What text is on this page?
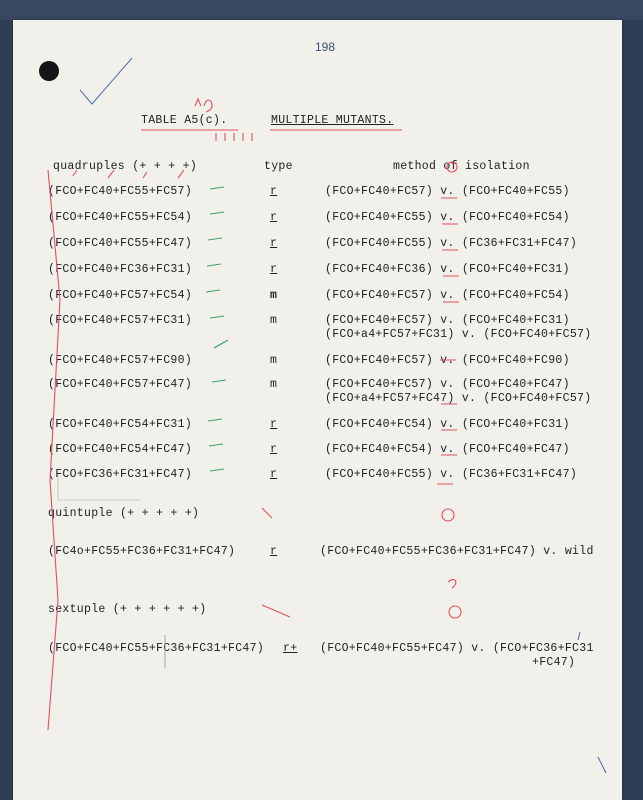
198
TABLE A5(c).	MULTIPLE MUTANTS.
quadruples (+ + + +)	type	method of isolation
(FCO+FC40+FC55+FC57)	r	(FCO+FC40+FC57) v. (FCO+FC40+FC55)
(FCO+FC40+FC55+FC54)	r	(FCO+FC40+FC55) v. (FCO+FC40+FC54)
(FCO+FC40+FC55+FC47)	r	(FCO+FC40+FC55) v. (FC36+FC31+FC47)
(FCO+FC40+FC36+FC31)	r	(FCO+FC40+FC36) v. (FCO+FC40+FC31)
(FCO+FC40+FC57+FC54)	m	(FCO+FC40+FC57) v. (FCO+FC40+FC54)
(FCO+FC40+FC57+FC31)	m	(FCO+FC40+FC57) v. (FCO+FC40+FC31)
(FCO+a4+FC57+FC31) v. (FCO+FC40+FC57)
(FCO+FC40+FC57+FC90)	m	(FCO+FC40+FC57) v. (FCO+FC40+FC90)
(FCO+FC40+FC57+FC47)	m	(FCO+FC40+FC57) v. (FCO+FC40+FC47)
(FCO+a4+FC57+FC47) v. (FCO+FC40+FC57)
(FCO+FC40+FC54+FC31)	r	(FCO+FC40+FC54) v. (FCO+FC40+FC31)
(FCO+FC40+FC54+FC47)	r	(FCO+FC40+FC54) v. (FCO+FC40+FC47)
(FCO+FC36+FC31+FC47)	r	(FCO+FC40+FC55) v. (FC36+FC31+FC47)
quintuple (+ + + + +)
(FC4o+FC55+FC36+FC31+FC47)	r	(FCO+FC40+FC55+FC36+FC31+FC47) v. wild
sextuple (+ + + + + +)
(FCO+FC40+FC55+FC36+FC31+FC47) r+ (FCO+FC40+FC55+FC47) v. (FCO+FC36+FC31
+FC47)
